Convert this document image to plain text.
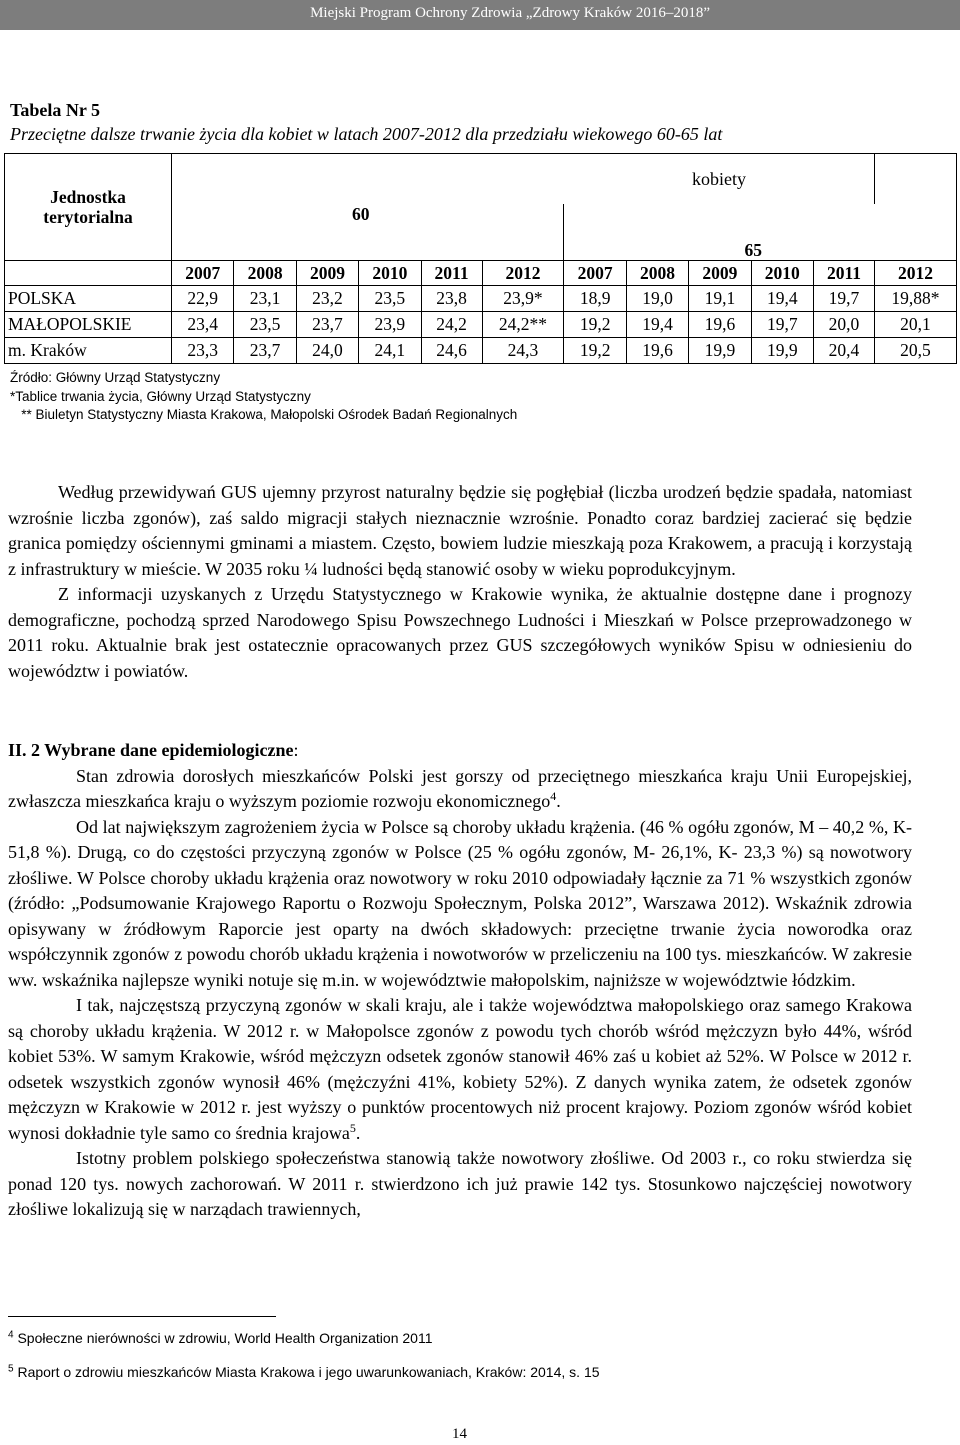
Miejski Program Ochrony Zdrowia „Zdrowy Kraków 2016–2018”
Tabela Nr 5
Przeciętne dalsze trwanie życia dla kobiet w latach 2007-2012 dla przedziału wiekowego 60-65 lat
Jednostka terytorialna							kobiety					
	60						65					
	2007	2008	2009	2010	2011	2012	2007	2008	2009	2010	2011	2012
POLSKA	22,9	23,1	23,2	23,5	23,8	23,9*	18,9	19,0	19,1	19,4	19,7	19,88*
MAŁOPOLSKIE	23,4	23,5	23,7	23,9	24,2	24,2**	19,2	19,4	19,6	19,7	20,0	20,1
m. Kraków	23,3	23,7	24,0	24,1	24,6	24,3	19,2	19,6	19,9	19,9	20,4	20,5
Źródło: Główny Urząd Statystyczny
*Tablice trwania życia, Główny Urząd Statystyczny
** Biuletyn Statystyczny Miasta Krakowa, Małopolski Ośrodek Badań Regionalnych

Według przewidywań GUS ujemny przyrost naturalny będzie się pogłębiał (liczba urodzeń będzie spadała, natomiast wzrośnie liczba zgonów), zaś saldo migracji stałych nieznacznie wzrośnie. Ponadto coraz bardziej zacierać się będzie granica pomiędzy ościennymi gminami a miastem. Często, bowiem ludzie mieszkają poza Krakowem, a pracują i korzystają z infrastruktury w mieście. W 2035 roku ¼ ludności będą stanowić osoby w wieku poprodukcyjnym.

Z informacji uzyskanych z Urzędu Statystycznego w Krakowie wynika, że aktualnie dostępne dane i prognozy demograficzne, pochodzą sprzed Narodowego Spisu Powszechnego Ludności i Mieszkań w Polsce przeprowadzonego w 2011 roku. Aktualnie brak jest ostatecznie opracowanych przez GUS szczegółowych wyników Spisu w odniesieniu do województw i powiatów.

II. 2 Wybrane dane epidemiologiczne:

Stan zdrowia dorosłych mieszkańców Polski jest gorszy od przeciętnego mieszkańca kraju Unii Europejskiej, zwłaszcza mieszkańca kraju o wyższym poziomie rozwoju ekonomicznego$^4$.

Od lat największym zagrożeniem życia w Polsce są choroby układu krążenia. (46 % ogółu zgonów, M – 40,2 %, K- 51,8 %). Drugą, co do częstości przyczyną zgonów w Polsce (25 % ogółu zgonów, M- 26,1%, K- 23,3 %) są nowotwory złośliwe. W Polsce choroby układu krążenia oraz nowotwory w roku 2010 odpowiadały łącznie za 71 % wszystkich zgonów (źródło: „Podsumowanie Krajowego Raportu o Rozwoju Społecznym, Polska 2012”, Warszawa 2012). Wskaźnik zdrowia opisywany w źródłowym Raporcie jest oparty na dwóch składowych: przeciętne trwanie życia noworodka oraz współczynnik zgonów z powodu chorób układu krążenia i nowotworów w przeliczeniu na 100 tys. mieszkańców. W zakresie ww. wskaźnika najlepsze wyniki notuje się m.in. w województwie małopolskim, najniższe w województwie łódzkim.

I tak, najczęstszą przyczyną zgonów w skali kraju, ale i także województwa małopolskiego oraz samego Krakowa są choroby układu krążenia. W 2012 r. w Małopolsce zgonów z powodu tych chorób wśród mężczyzn było 44%, wśród kobiet 53%. W samym Krakowie, wśród mężczyzn odsetek zgonów stanowił 46% zaś u kobiet aż 52%. W Polsce w 2012 r. odsetek wszystkich zgonów wynosił 46% (mężczyźni 41%, kobiety 52%). Z danych wynika zatem, że odsetek zgonów mężczyzn w Krakowie w 2012 r. jest wyższy o punktów procentowych niż procent krajowy. Poziom zgonów wśród kobiet wynosi dokładnie tyle samo co średnia krajowa$^5$.

Istotny problem polskiego społeczeństwa stanowią także nowotwory złośliwe. Od 2003 r., co roku stwierdza się ponad 120 tys. nowych zachorowań. W 2011 r. stwierdzono ich już prawie 142 tys. Stosunkowo najczęściej nowotwory złośliwe lokalizują się w narządach trawiennych,

$^4$ Społeczne nierówności w zdrowiu, World Health Organization 2011
$^5$ Raport o zdrowiu mieszkańców Miasta Krakowa i jego uwarunkowaniach, Kraków: 2014, s. 15
14
